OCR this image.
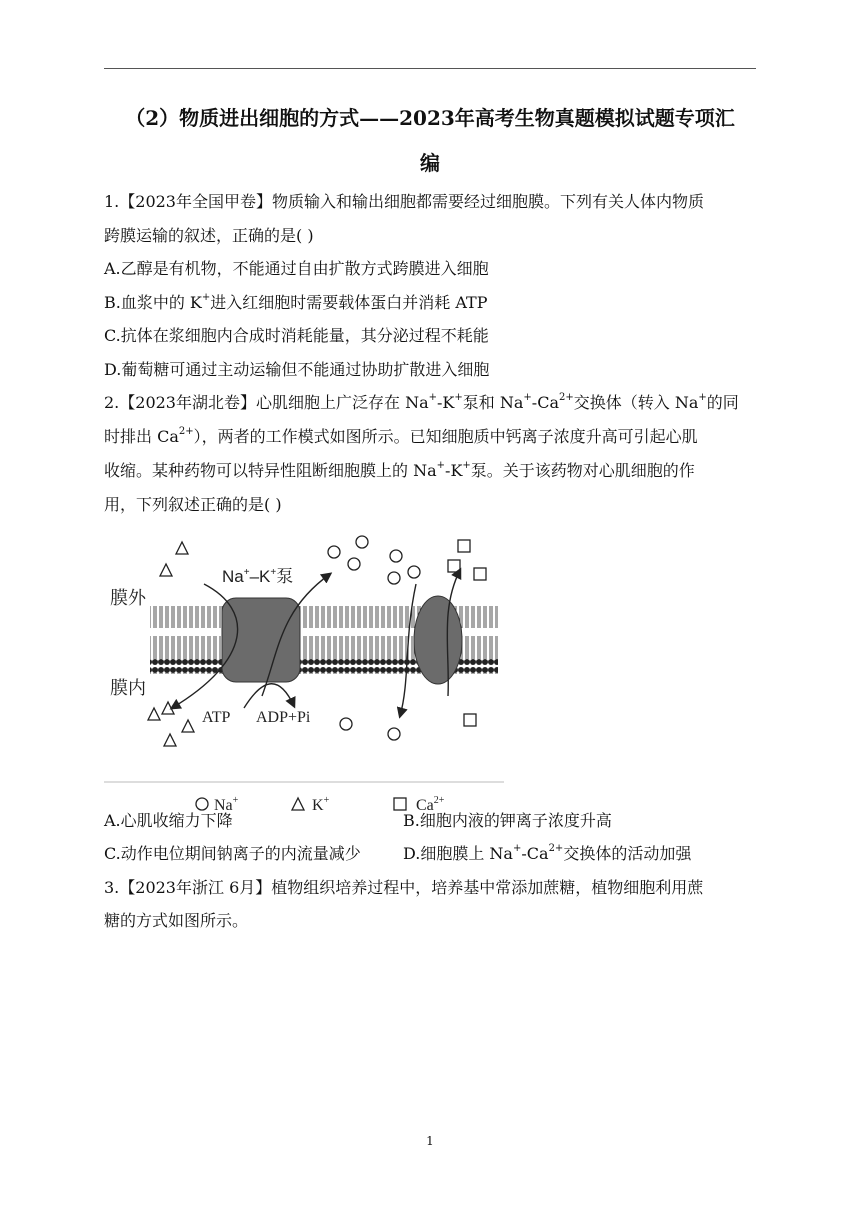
（2）物质进出细胞的方式——2023年高考生物真题模拟试题专项汇
编
1.【2023年全国甲卷】物质输入和输出细胞都需要经过细胞膜。下列有关人体内物质
跨膜运输的叙述，正确的是( )
A.乙醇是有机物，不能通过自由扩散方式跨膜进入细胞
B.血浆中的 K+进入红细胞时需要载体蛋白并消耗 ATP
C.抗体在浆细胞内合成时消耗能量，其分泌过程不耗能
D.葡萄糖可通过主动运输但不能通过协助扩散进入细胞
2.【2023年湖北卷】心肌细胞上广泛存在 Na+-K+泵和 $Na^+-Ca^{2+}$交换体（转入 Na+的同
时排出 $Ca^{2+}$），两者的工作模式如图所示。已知细胞质中钙离子浓度升高可引起心肌
收缩。某种药物可以特异性阻断细胞膜上的 Na+-K+泵。关于该药物对心肌细胞的作
用，下列叙述正确的是( )
膜外
膜内
Na+–K+泵
ATP ADP+Pi
Na+	K+	$Ca^{2+}$
A.心肌收缩力下降	B.细胞内液的钾离子浓度升高
C.动作电位期间钠离子的内流量减少	D.细胞膜上 $Na^+-Ca^{2+}$交换体的活动加强
3.【2023年浙江 6月】植物组织培养过程中，培养基中常添加蔗糖，植物细胞利用蔗
糖的方式如图所示。
1
